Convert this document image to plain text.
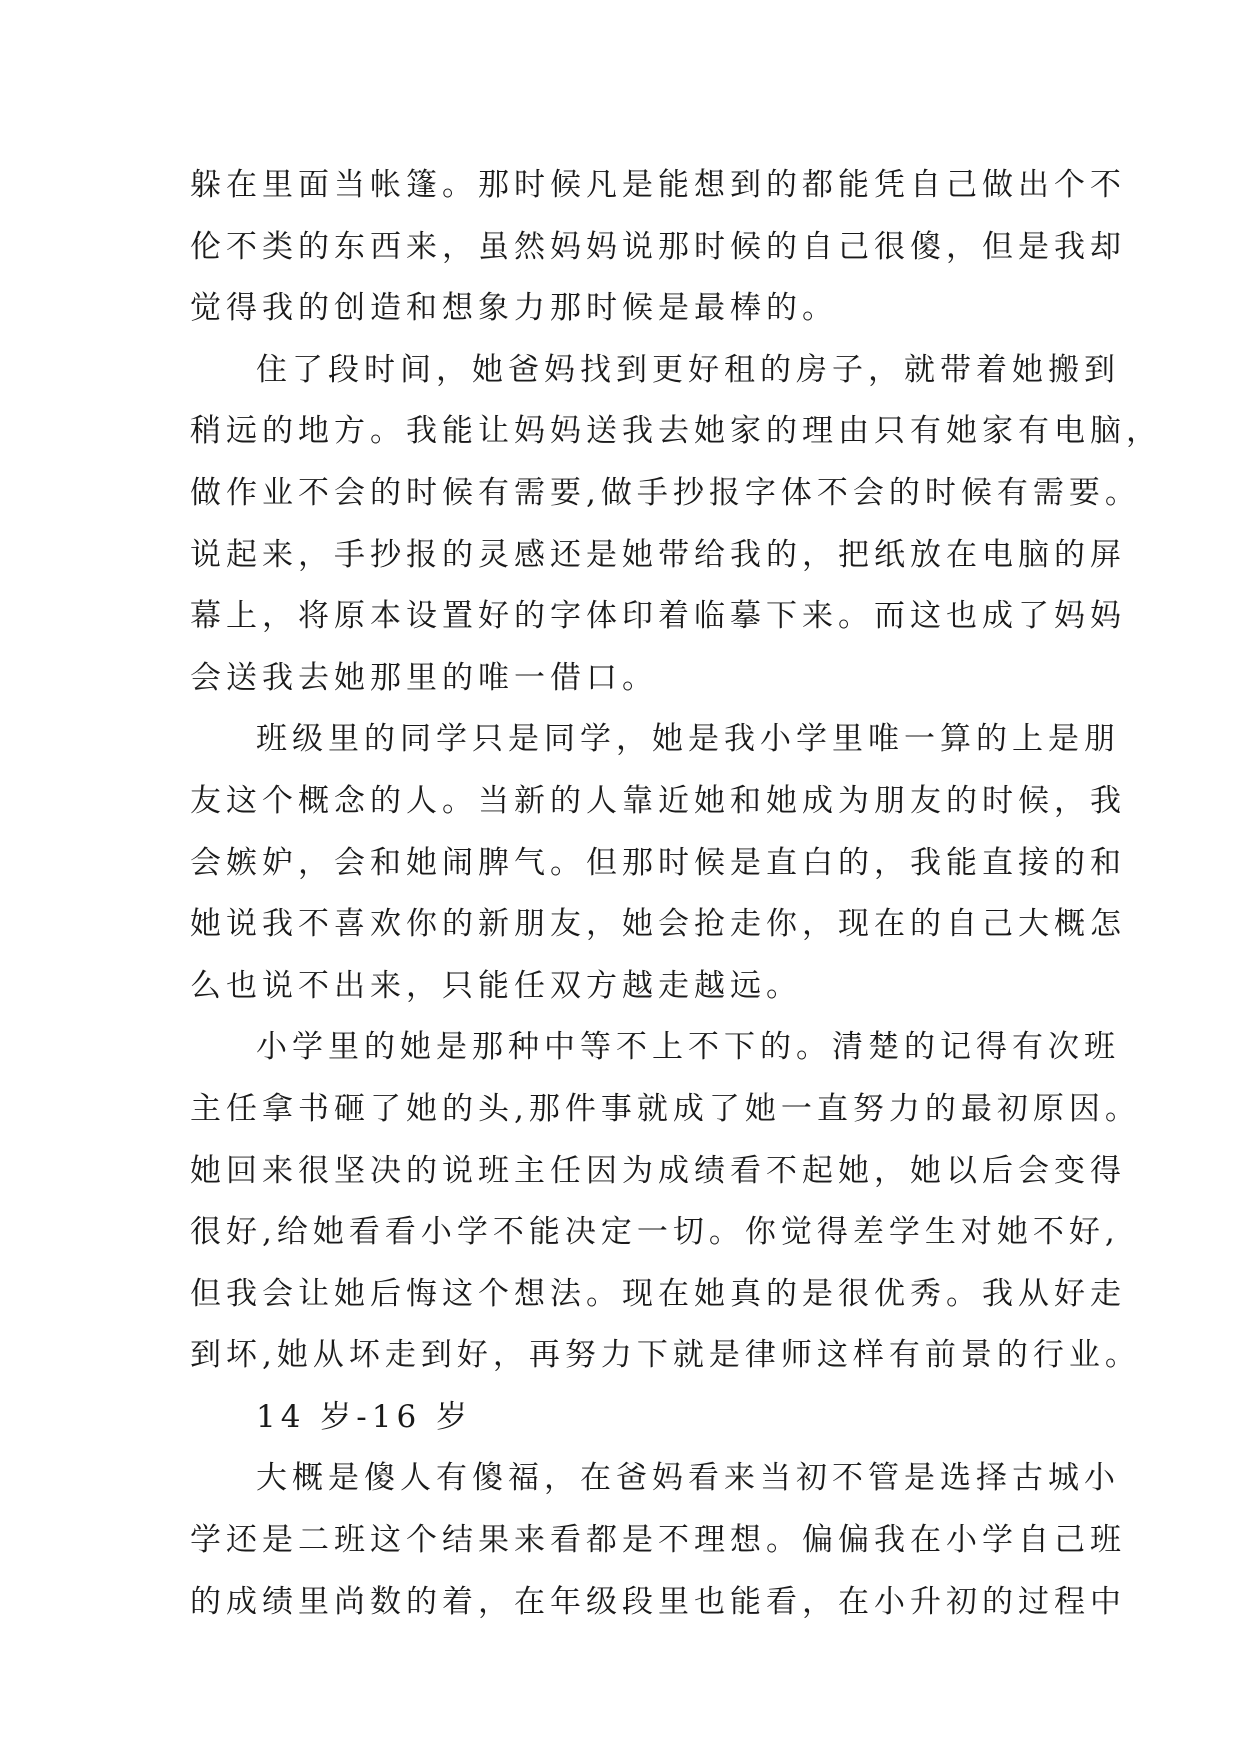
躲在里面当帐篷。那时候凡是能想到的都能凭自己做出个不
伦不类的东西来，虽然妈妈说那时候的自己很傻，但是我却
觉得我的创造和想象力那时候是最棒的。
住了段时间，她爸妈找到更好租的房子，就带着她搬到
稍远的地方。我能让妈妈送我去她家的理由只有她家有电脑，
做作业不会的时候有需要,做手抄报字体不会的时候有需要。
说起来，手抄报的灵感还是她带给我的，把纸放在电脑的屏
幕上，将原本设置好的字体印着临摹下来。而这也成了妈妈
会送我去她那里的唯一借口。
班级里的同学只是同学，她是我小学里唯一算的上是朋
友这个概念的人。当新的人靠近她和她成为朋友的时候，我
会嫉妒，会和她闹脾气。但那时候是直白的，我能直接的和
她说我不喜欢你的新朋友，她会抢走你，现在的自己大概怎
么也说不出来，只能任双方越走越远。
小学里的她是那种中等不上不下的。清楚的记得有次班
主任拿书砸了她的头,那件事就成了她一直努力的最初原因。
她回来很坚决的说班主任因为成绩看不起她，她以后会变得
很好,给她看看小学不能决定一切。你觉得差学生对她不好,
但我会让她后悔这个想法。现在她真的是很优秀。我从好走
到坏,她从坏走到好，再努力下就是律师这样有前景的行业。
14 岁-16 岁
大概是傻人有傻福，在爸妈看来当初不管是选择古城小
学还是二班这个结果来看都是不理想。偏偏我在小学自己班
的成绩里尚数的着，在年级段里也能看，在小升初的过程中
